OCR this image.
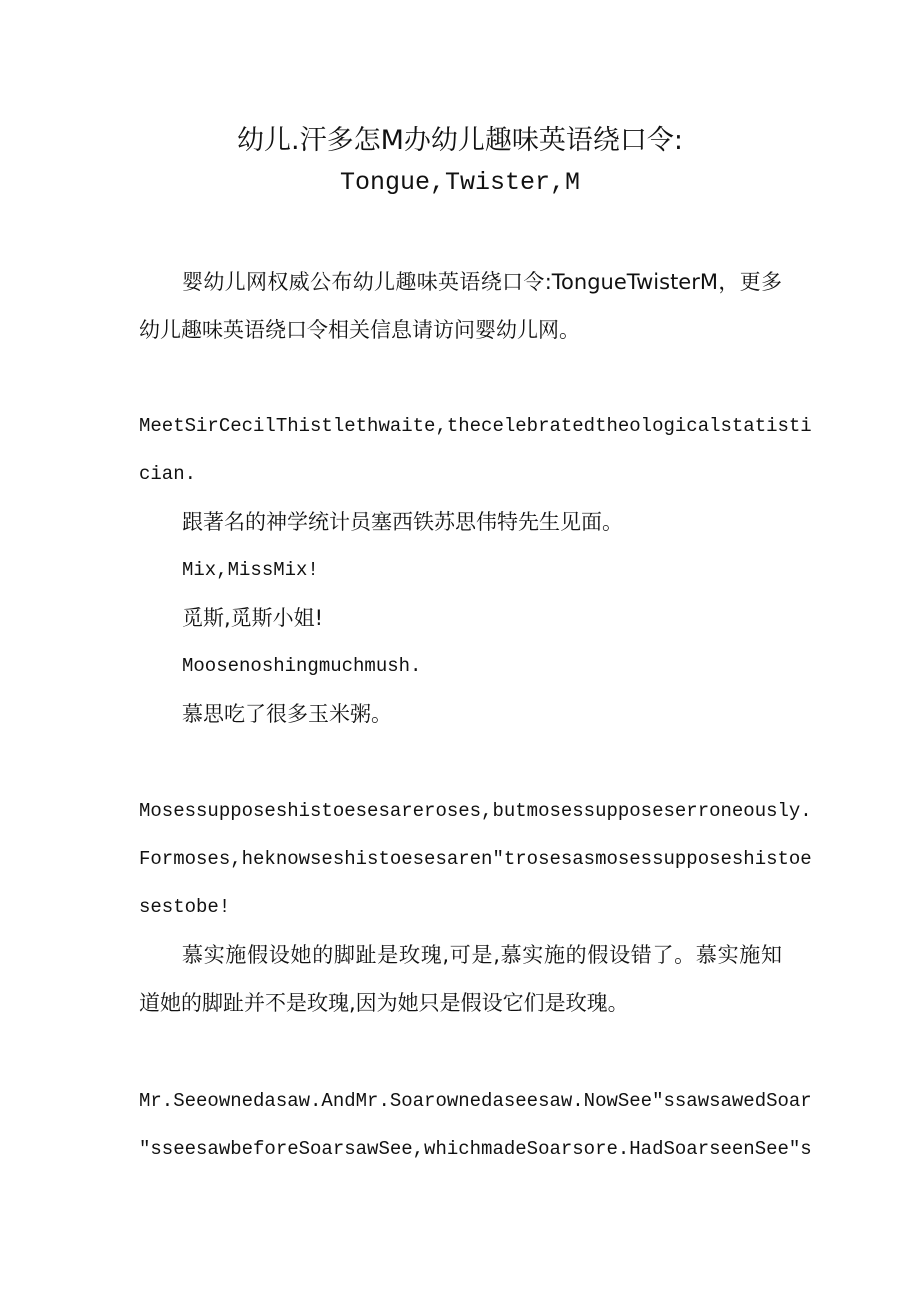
幼儿.汗多怎M办幼儿趣味英语绕口令:
Tongue,Twister,M
婴幼儿网权威公布幼儿趣味英语绕口令:TongueTwisterM，更多
幼儿趣味英语绕口令相关信息请访问婴幼儿网。
MeetSirCecilThistlethwaite,thecelebratedtheologicalstatisti
cian.
跟著名的神学统计员塞西铁苏思伟特先生见面。
Mix,MissMix!
觅斯,觅斯小姐!
Moosenoshingmuchmush.
慕思吃了很多玉米粥。
Mosessupposeshistoesesareroses,butmosessupposeserroneously.
Formoses,heknowseshistoesesaren″trosesasmosessupposeshistoe
sestobe!
慕实施假设她的脚趾是玫瑰,可是,慕实施的假设错了。慕实施知
道她的脚趾并不是玫瑰,因为她只是假设它们是玫瑰。
Mr.Seeownedasaw.AndMr.Soarownedaseesaw.NowSee″ssawsawedSoar
″sseesawbeforeSoarsawSee,whichmadeSoarsore.HadSoarseenSee″s
